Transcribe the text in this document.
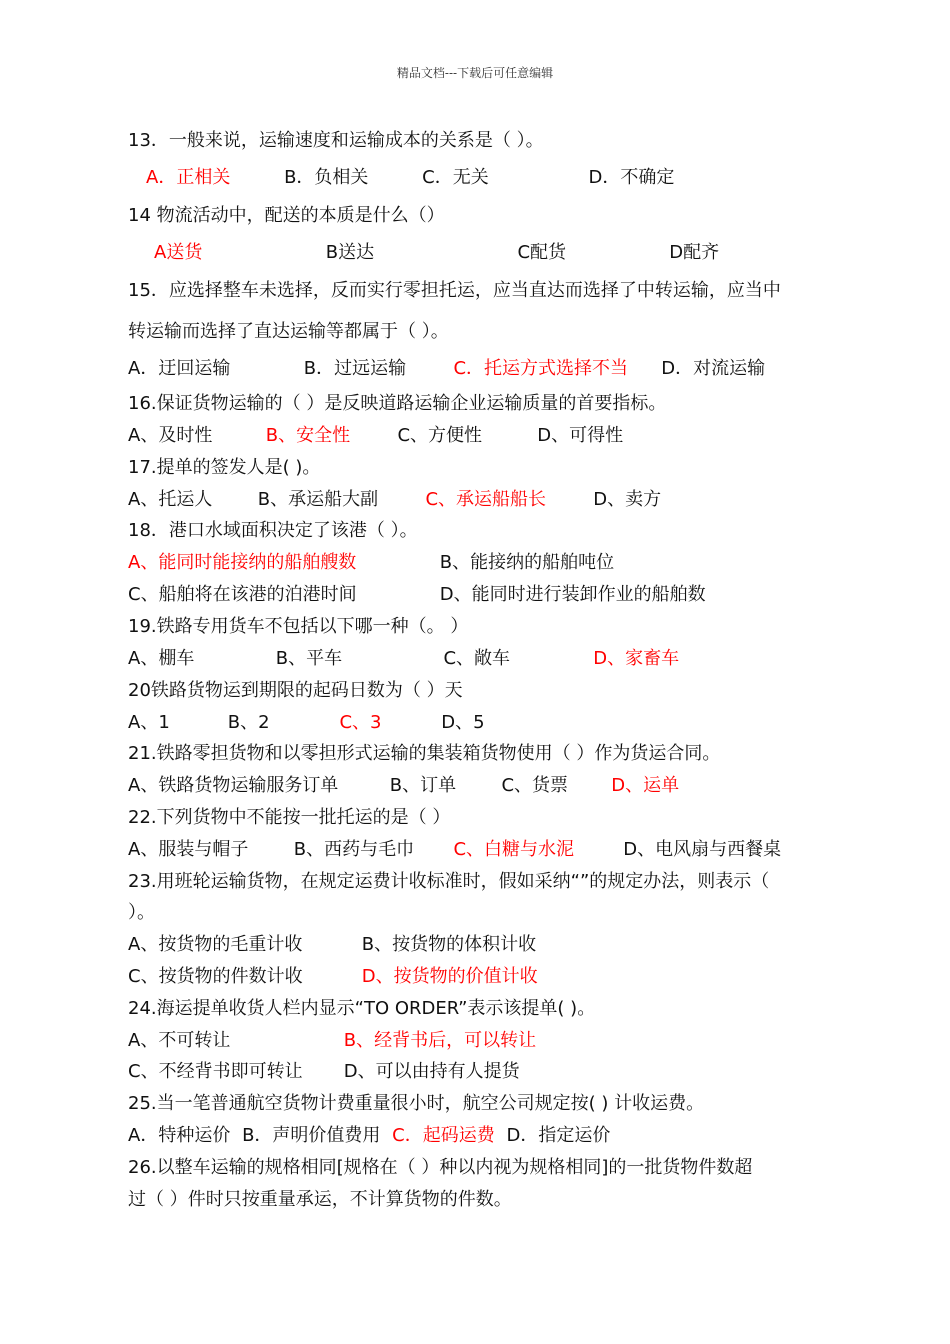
精品文档---下载后可任意编辑
13．一般来说，运输速度和运输成本的关系是（ ）。
A．正相关	B．负相关	C．无关	D．不确定
14 物流活动中，配送的本质是什么（）
A送货	B送达	C配货	D配齐
15．应选择整车未选择，反而实行零担托运，应当直达而选择了中转运输，应当中
转运输而选择了直达运输等都属于（ ）。
A．迂回运输	B．过远运输	C．托运方式选择不当 D．对流运输
16.保证货物运输的（ ）是反映道路运输企业运输质量的首要指标。
A、及时性	B、安全性	C、方便性	D、可得性
17.提单的签发人是( )。
A、托运人	B、承运船大副	C、承运船船长	D、卖方
18．港口水域面积决定了该港（ ）。
A、能同时能接纳的船舶艘数	B、能接纳的船舶吨位
C、船舶将在该港的泊港时间	D、能同时进行装卸作业的船舶数
19.铁路专用货车不包括以下哪一种（。 ）
A、棚车	B、平车	C、敞车	D、家畜车
20铁路货物运到期限的起码日数为（ ）天
A、1	B、2	C、3	D、5
21.铁路零担货物和以零担形式运输的集装箱货物使用（ ）作为货运合同。
A、铁路货物运输服务订单	B、订单	C、货票 D、运单
22.下列货物中不能按一批托运的是（ ）
A、服装与帽子	B、西药与毛巾 C、白糖与水泥	D、电风扇与西餐桌
23.用班轮运输货物，在规定运费计收标准时，假如采纳“”的规定办法，则表示（
）。
A、按货物的毛重计收	B、按货物的体积计收
C、按货物的件数计收	D、按货物的价值计收
24.海运提单收货人栏内显示“TO ORDER”表示该提单( )。
A、不可转让	B、经背书后，可以转让
C、不经背书即可转让 D、可以由持有人提货
25.当一笔普通航空货物计费重量很小时，航空公司规定按( ) 计收运费。
A．特种运价 B．声明价值费用 C．起码运费 D．指定运价
26.以整车运输的规格相同[规格在（ ）种以内视为规格相同]的一批货物件数超
过（ ）件时只按重量承运，不计算货物的件数。
